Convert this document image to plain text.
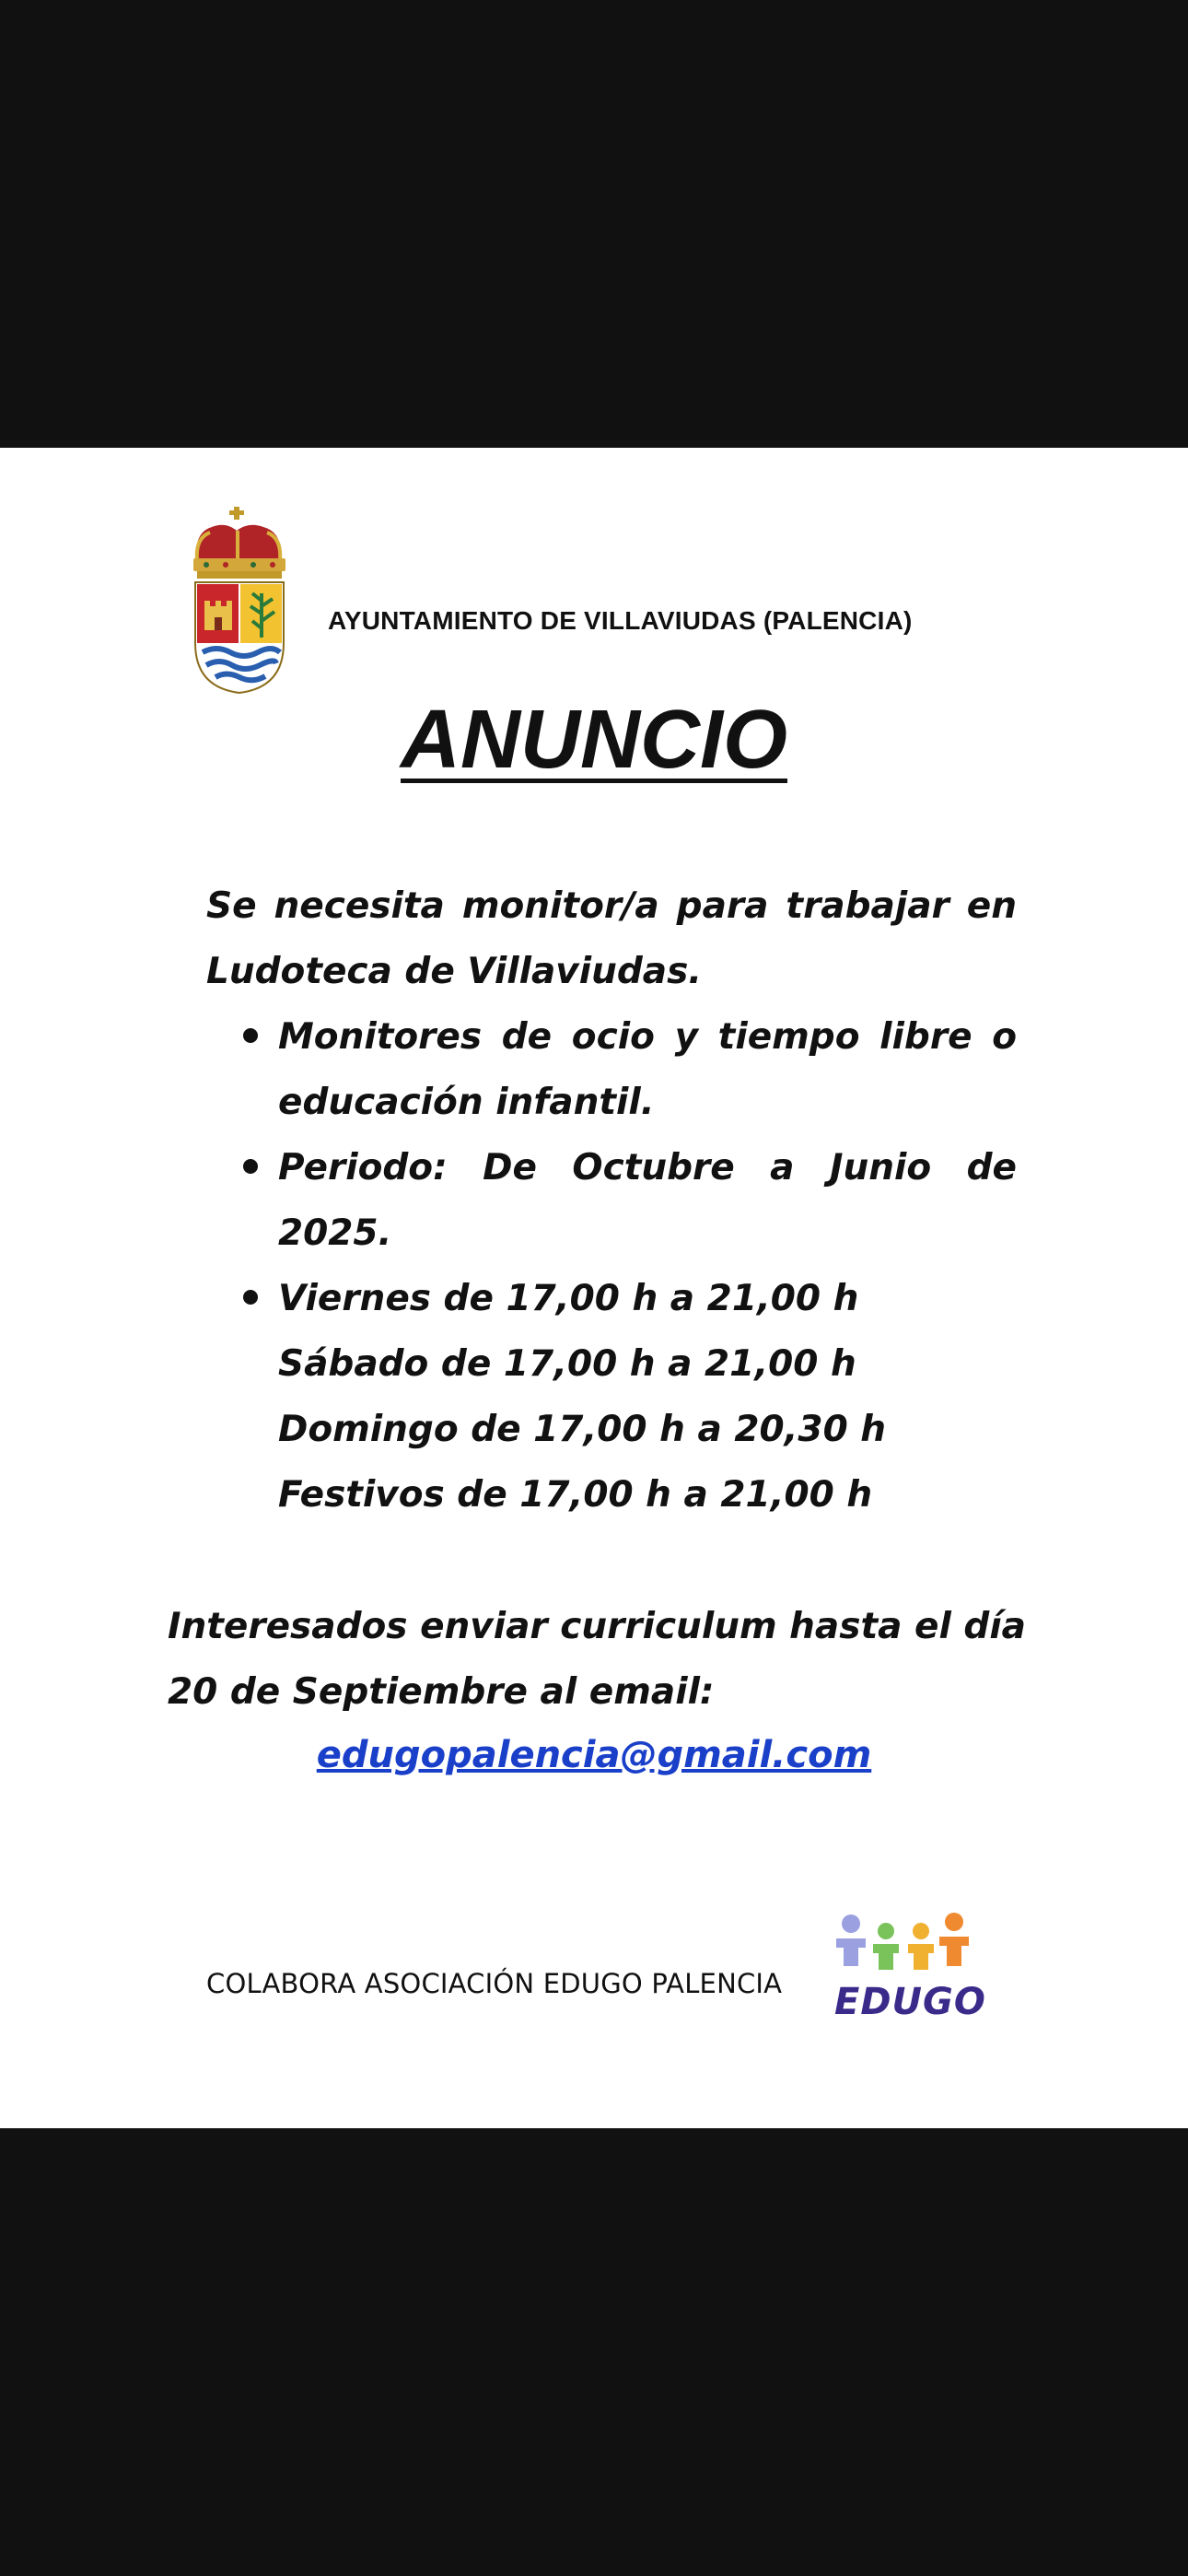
AYUNTAMIENTO DE VILLAVIUDAS (PALENCIA)
ANUNCIO
Se necesita monitor/a para trabajar en Ludoteca de Villaviudas.
Monitores de ocio y tiempo libre o educación infantil.
Periodo: De Octubre a Junio de 2025.
Viernes de 17,00 h a 21,00 h
Sábado de 17,00 h a 21,00 h
Domingo de 17,00 h a 20,30 h
Festivos de 17,00 h a 21,00 h
Interesados enviar curriculum hasta el día 20 de Septiembre al email:
edugopalencia@gmail.com
COLABORA ASOCIACIÓN EDUGO PALENCIA EDUGO
